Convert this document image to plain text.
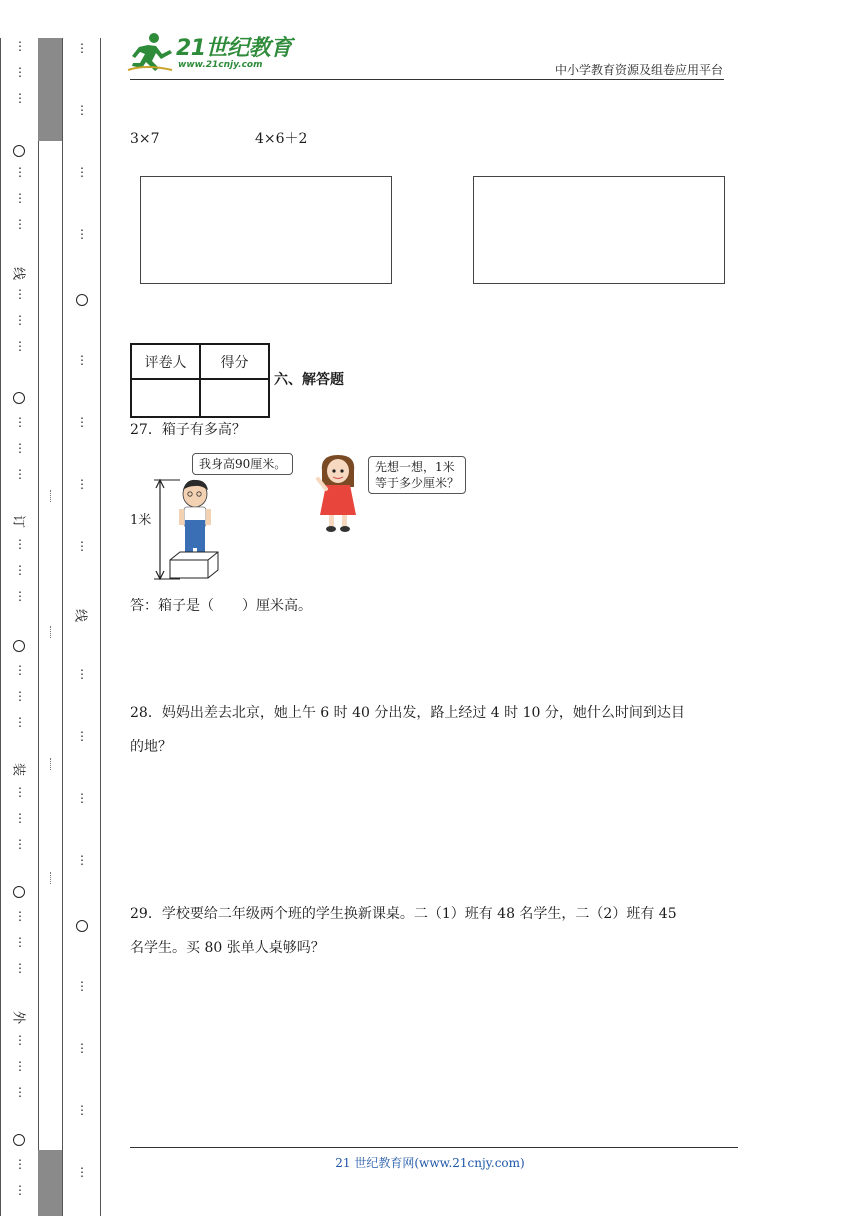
⋮
⋮
⋮
⋮
⋮
⋮
线
⋮
⋮
⋮
⋮
⋮
⋮
订
⋮
⋮
⋮
⋮
⋮
⋮
装
⋮
⋮
⋮
⋮
⋮
⋮
外
⋮
⋮
⋮
⋮
⋮
⋮
⋮
⋮
⋮
⋮
⋮
⋮
⋮
线
⋮
⋮
⋮
⋮
⋮
⋮
⋮
⋮
21世纪教育
www.21cnjy.com	中小学教育资源及组卷应用平台
3×7	4×6＋2
评卷人	得分

六、解答题
27．箱子有多高？
1米
我身高90厘米。	先想一想，1米
等于多少厘米？
答：箱子是（　　）厘米高。
28．妈妈出差去北京，她上午 6 时 40 分出发，路上经过 4 时 10 分，她什么时间到达目
的地？
29．学校要给二年级两个班的学生换新课桌。二（1）班有 48 名学生，二（2）班有 45
名学生。买 80 张单人桌够吗？
21 世纪教育网(www.21cnjy.com)
